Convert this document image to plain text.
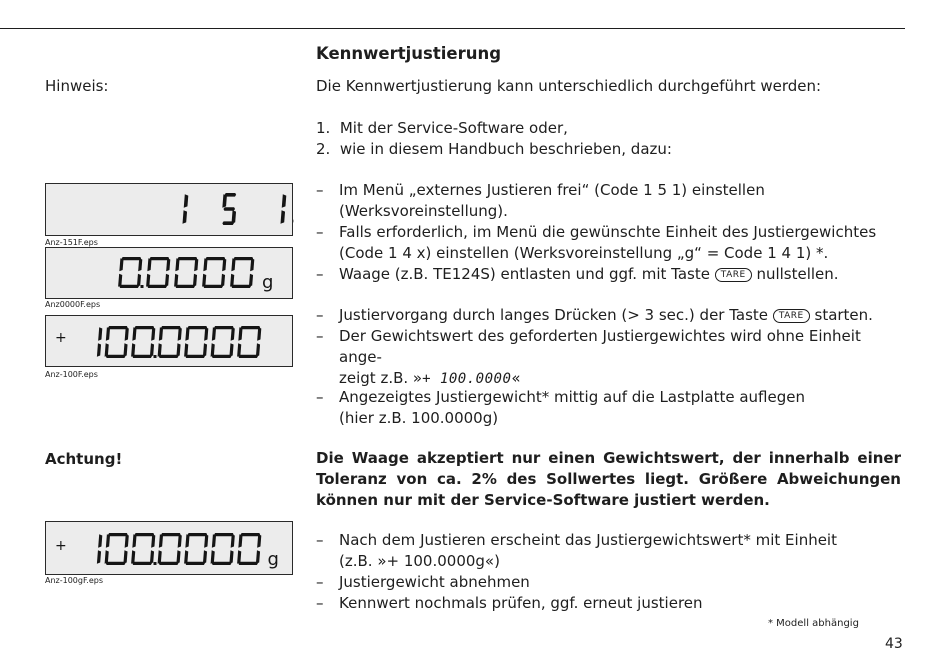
Kennwertjustierung
Hinweis:	Die Kennwertjustierung kann unterschiedlich durchgeführt werden:
1. Mit der Service-Software oder,
2. wie in diesem Handbuch beschrieben, dazu:
– Im Menü „externes Justieren frei“ (Code 1 5 1) einstellen (Werksvoreinstellung).
– Falls erforderlich, im Menü die gewünschte Einheit des Justiergewichtes (Code 1 4 x) einstellen (Werksvoreinstellung „g“ = Code 1 4 1) *.
– Waage (z.B. TE124S) entlasten und ggf. mit Taste TARE nullstellen.
– Justiervorgang durch langes Drücken (> 3 sec.) der Taste TARE starten.
– Der Gewichtswert des geforderten Justiergewichtes wird ohne Einheit ange-
zeigt z.B. »+ 100.0000«
– Angezeigtes Justiergewicht* mittig auf die Lastplatte auflegen
(hier z.B. 100.0000g)
Achtung!	Die Waage akzeptiert nur einen Gewichtswert, der innerhalb einer Toleranz von ca. 2% des Sollwertes liegt. Größere Abweichungen können nur mit der Service-Software justiert werden.
– Nach dem Justieren erscheint das Justiergewichtswert* mit Einheit
(z.B. »+ 100.0000g«)
– Justiergewicht abnehmen
– Kennwert nochmals prüfen, ggf. erneut justieren
* Modell abhängig
43
Anz-151F.eps
g
Anz0000F.eps
+
Anz-100F.eps
+
g
Anz-100gF.eps
